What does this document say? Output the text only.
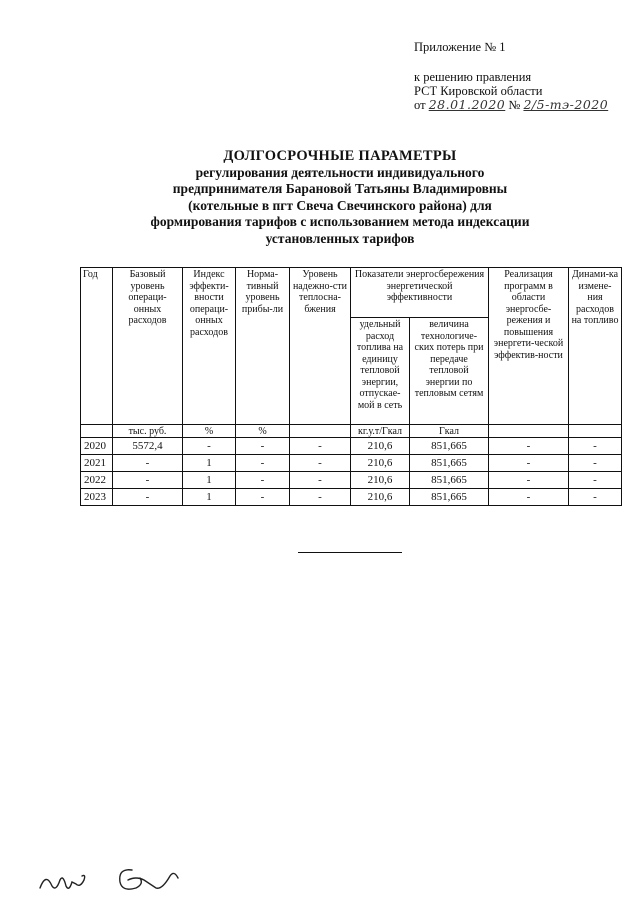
Приложение № 1
к решению правления
РСТ Кировской области
от 28.01.2020 № 2/5-тэ-2020
ДОЛГОСРОЧНЫЕ ПАРАМЕТРЫ
регулирования деятельности индивидуального
предпринимателя Барановой Татьяны Владимировны
(котельные в пгт Свеча Свечинского района) для
формирования тарифов с использованием метода индексации
установленных тарифов
Год	Базовый уровень операци-онных расходов	Индекс эффекти-вности операци-онных расходов	Норма-тивный уровень прибы-ли	Уровень надежно-сти теплосна-бжения	Показатели энергосбережения энергетической эффективности		Реализация программ в области энергосбе-режения и повышения энергети-ческой эффектив-ности	Динами-ка измене-ния расходов на топливо
					удельный расход топлива на единицу тепловой энергии, отпускае-мой в сеть	величина технологиче-ских потерь при передаче тепловой энергии по тепловым сетям		
	тыс. руб.	%	%		кг.у.т/Гкал	Гкал		
2020	5572,4	-	-	-	210,6	851,665	-	-
2021	-	1	-	-	210,6	851,665	-	-
2022	-	1	-	-	210,6	851,665	-	-
2023	-	1	-	-	210,6	851,665	-	-
